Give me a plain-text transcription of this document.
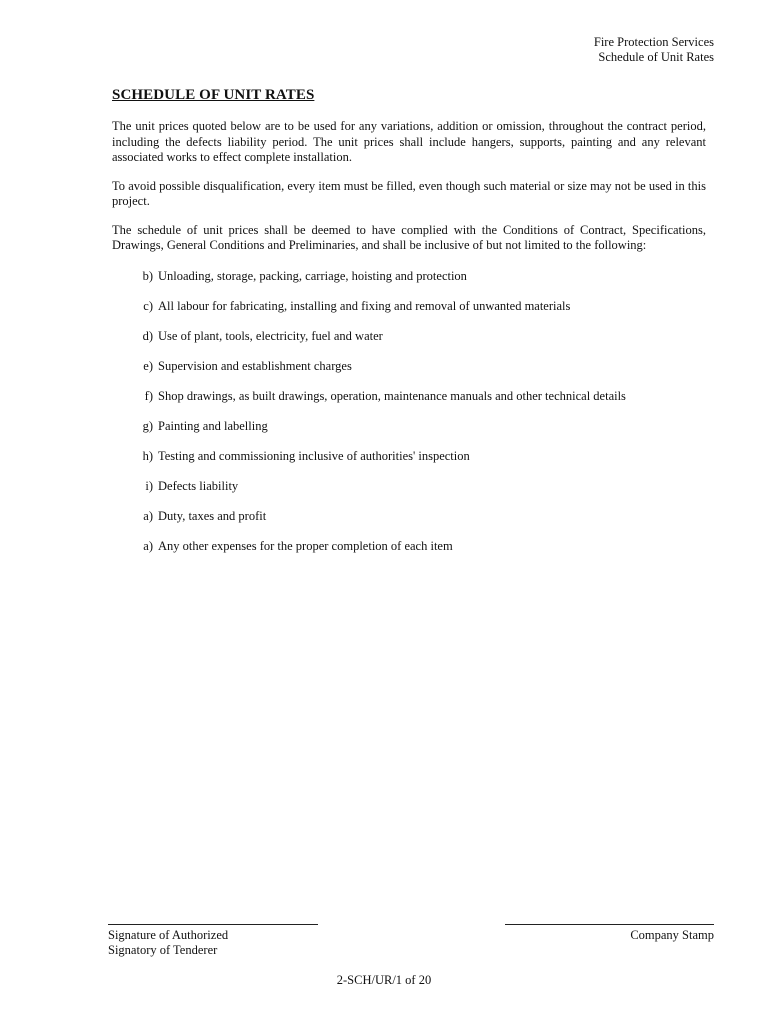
Fire Protection Services
Schedule of Unit Rates
SCHEDULE OF UNIT RATES

The unit prices quoted below are to be used for any variations, addition or omission, throughout the contract period, including the defects liability period. The unit prices shall include hangers, supports, painting and any relevant associated works to effect complete installation.

To avoid possible disqualification, every item must be filled, even though such material or size may not be used in this project.

The schedule of unit prices shall be deemed to have complied with the Conditions of Contract, Specifications, Drawings, General Conditions and Preliminaries, and shall be inclusive of but not limited to the following:

b) Unloading, storage, packing, carriage, hoisting and protection
c) All labour for fabricating, installing and fixing and removal of unwanted materials
d) Use of plant, tools, electricity, fuel and water
e) Supervision and establishment charges
f) Shop drawings, as built drawings, operation, maintenance manuals and other technical details
g) Painting and labelling
h) Testing and commissioning inclusive of authorities' inspection
i) Defects liability
a) Duty, taxes and profit
a) Any other expenses for the proper completion of each item
Signature of Authorized
Signatory of Tenderer
Company Stamp
2-SCH/UR/1 of 20
